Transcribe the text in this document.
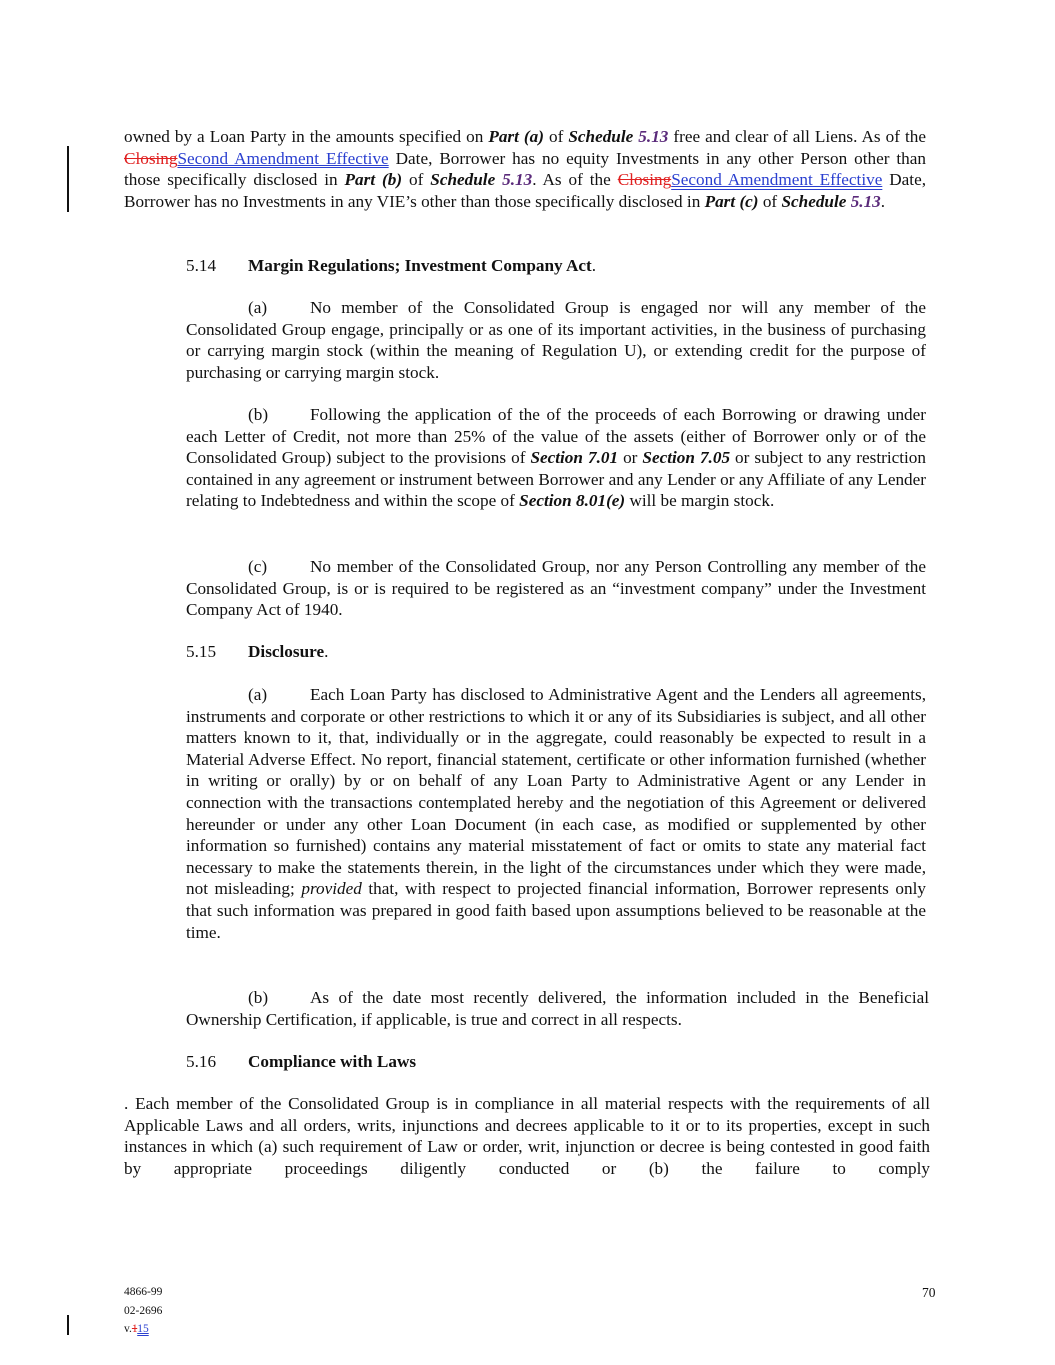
owned by a Loan Party in the amounts specified on Part (a) of Schedule 5.13 free and clear of all Liens. As of the ClosingSecond Amendment Effective Date, Borrower has no equity Investments in any other Person other than those specifically disclosed in Part (b) of Schedule 5.13. As of the ClosingSecond Amendment Effective Date, Borrower has no Investments in any VIE’s other than those specifically disclosed in Part (c) of Schedule 5.13.
5.14 Margin Regulations; Investment Company Act.
(a) No member of the Consolidated Group is engaged nor will any member of the Consolidated Group engage, principally or as one of its important activities, in the business of purchasing or carrying margin stock (within the meaning of Regulation U), or extending credit for the purpose of purchasing or carrying margin stock.
(b) Following the application of the of the proceeds of each Borrowing or drawing under each Letter of Credit, not more than 25% of the value of the assets (either of Borrower only or of the Consolidated Group) subject to the provisions of Section 7.01 or Section 7.05 or subject to any restriction contained in any agreement or instrument between Borrower and any Lender or any Affiliate of any Lender relating to Indebtedness and within the scope of Section 8.01(e) will be margin stock.
(c) No member of the Consolidated Group, nor any Person Controlling any member of the Consolidated Group, is or is required to be registered as an “investment company” under the Investment Company Act of 1940.
5.15 Disclosure.
(a) Each Loan Party has disclosed to Administrative Agent and the Lenders all agreements, instruments and corporate or other restrictions to which it or any of its Subsidiaries is subject, and all other matters known to it, that, individually or in the aggregate, could reasonably be expected to result in a Material Adverse Effect. No report, financial statement, certificate or other information furnished (whether in writing or orally) by or on behalf of any Loan Party to Administrative Agent or any Lender in connection with the transactions contemplated hereby and the negotiation of this Agreement or delivered hereunder or under any other Loan Document (in each case, as modified or supplemented by other information so furnished) contains any material misstatement of fact or omits to state any material fact necessary to make the statements therein, in the light of the circumstances under which they were made, not misleading; provided that, with respect to projected financial information, Borrower represents only that such information was prepared in good faith based upon assumptions believed to be reasonable at the time.
(b) As of the date most recently delivered, the information included in the Beneficial Ownership Certification, if applicable, is true and correct in all respects.
5.16 Compliance with Laws
. Each member of the Consolidated Group is in compliance in all material respects with the requirements of all Applicable Laws and all orders, writs, injunctions and decrees applicable to it or to its properties, except in such instances in which (a) such requirement of Law or order, writ, injunction or decree is being contested in good faith by appropriate proceedings diligently conducted or (b) the failure to comply
4866-99
02-2696
v.115
70
